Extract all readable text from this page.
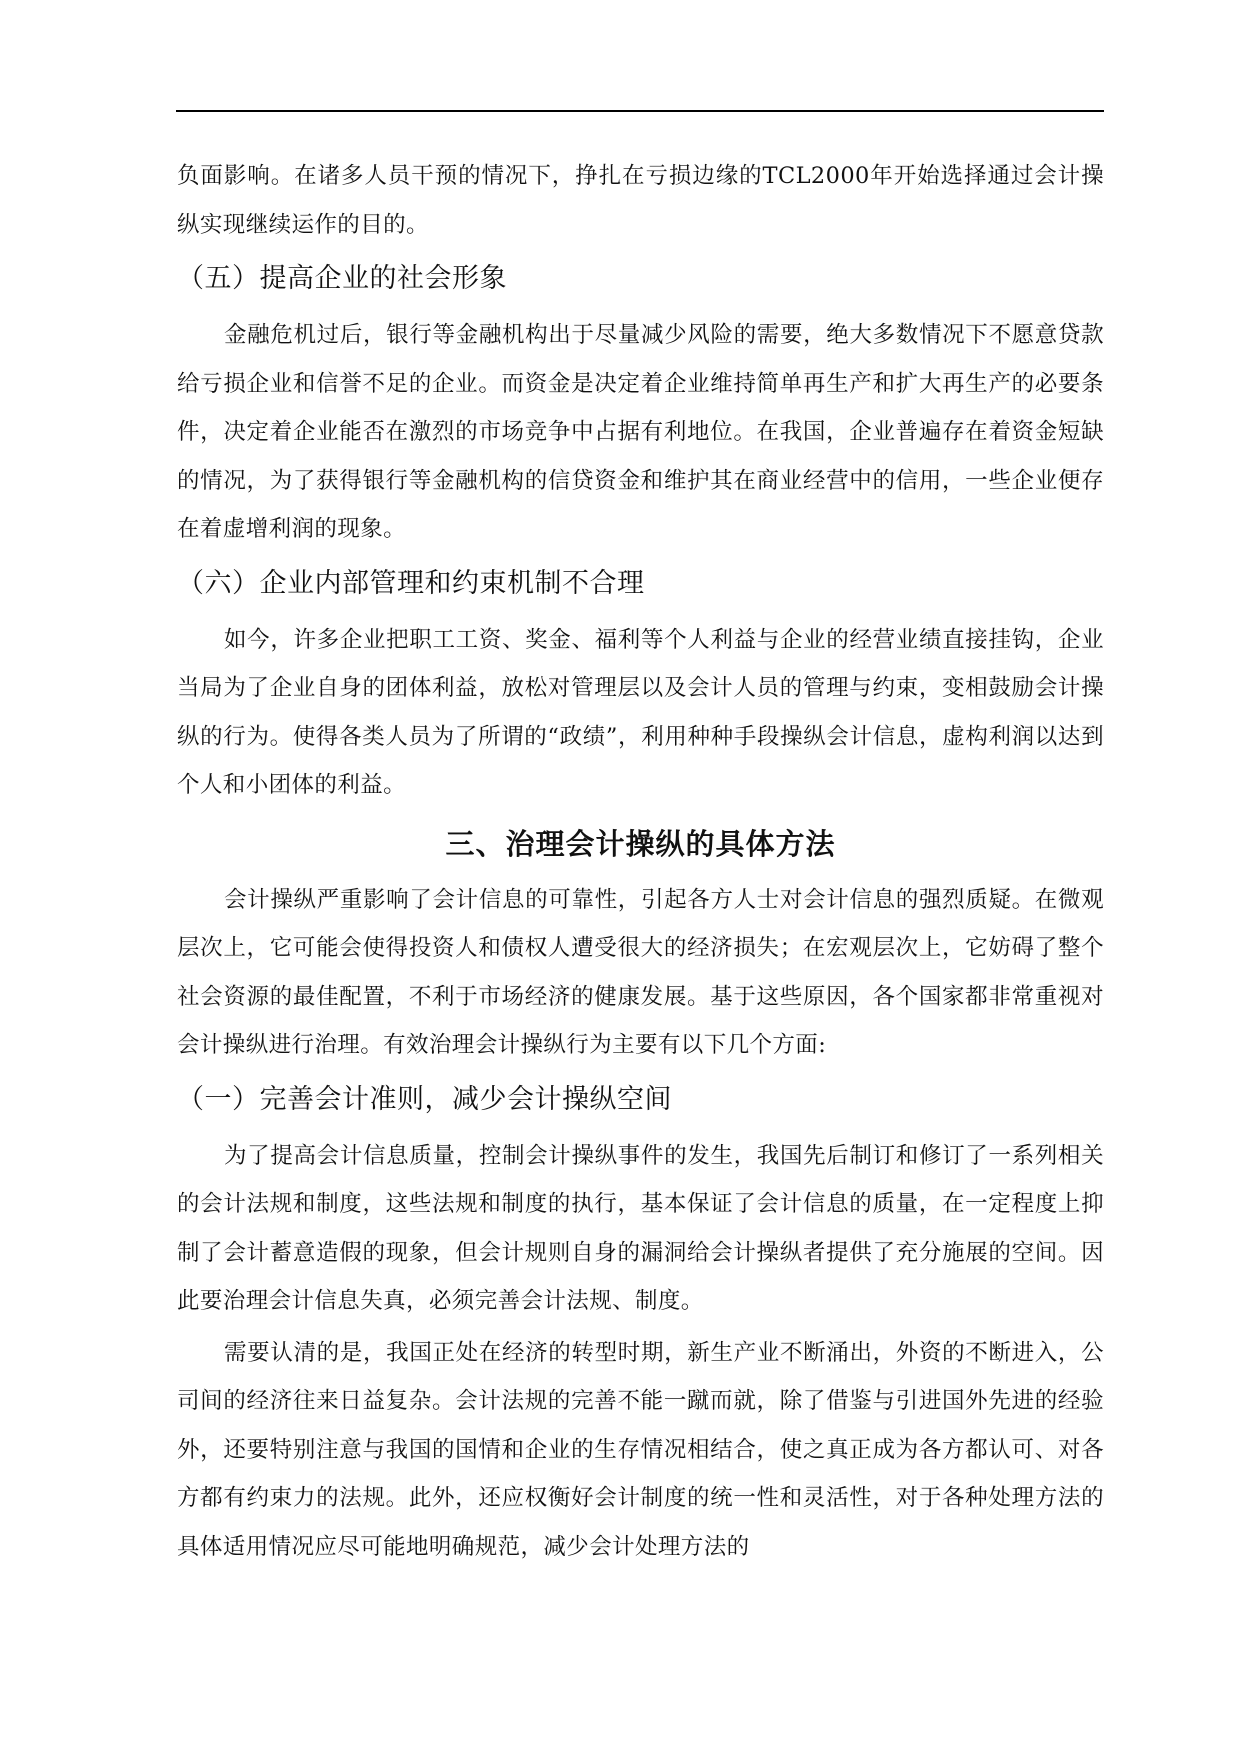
负面影响。在诸多人员干预的情况下，挣扎在亏损边缘的TCL2000年开始选择通过会计操纵实现继续运作的目的。

（五）提高企业的社会形象

金融危机过后，银行等金融机构出于尽量减少风险的需要，绝大多数情况下不愿意贷款给亏损企业和信誉不足的企业。而资金是决定着企业维持简单再生产和扩大再生产的必要条件，决定着企业能否在激烈的市场竞争中占据有利地位。在我国，企业普遍存在着资金短缺的情况，为了获得银行等金融机构的信贷资金和维护其在商业经营中的信用，一些企业便存在着虚增利润的现象。

（六）企业内部管理和约束机制不合理

如今，许多企业把职工工资、奖金、福利等个人利益与企业的经营业绩直接挂钩，企业当局为了企业自身的团体利益，放松对管理层以及会计人员的管理与约束，变相鼓励会计操纵的行为。使得各类人员为了所谓的“政绩”，利用种种手段操纵会计信息，虚构利润以达到个人和小团体的利益。

三、治理会计操纵的具体方法

会计操纵严重影响了会计信息的可靠性，引起各方人士对会计信息的强烈质疑。在微观层次上，它可能会使得投资人和债权人遭受很大的经济损失；在宏观层次上，它妨碍了整个社会资源的最佳配置，不利于市场经济的健康发展。基于这些原因，各个国家都非常重视对会计操纵进行治理。有效治理会计操纵行为主要有以下几个方面:

（一）完善会计准则，减少会计操纵空间

为了提高会计信息质量，控制会计操纵事件的发生，我国先后制订和修订了一系列相关的会计法规和制度，这些法规和制度的执行，基本保证了会计信息的质量，在一定程度上抑制了会计蓄意造假的现象，但会计规则自身的漏洞给会计操纵者提供了充分施展的空间。因此要治理会计信息失真，必须完善会计法规、制度。

需要认清的是，我国正处在经济的转型时期，新生产业不断涌出，外资的不断进入，公司间的经济往来日益复杂。会计法规的完善不能一蹴而就，除了借鉴与引进国外先进的经验外，还要特别注意与我国的国情和企业的生存情况相结合，使之真正成为各方都认可、对各方都有约束力的法规。此外，还应权衡好会计制度的统一性和灵活性，对于各种处理方法的具体适用情况应尽可能地明确规范，减少会计处理方法的
